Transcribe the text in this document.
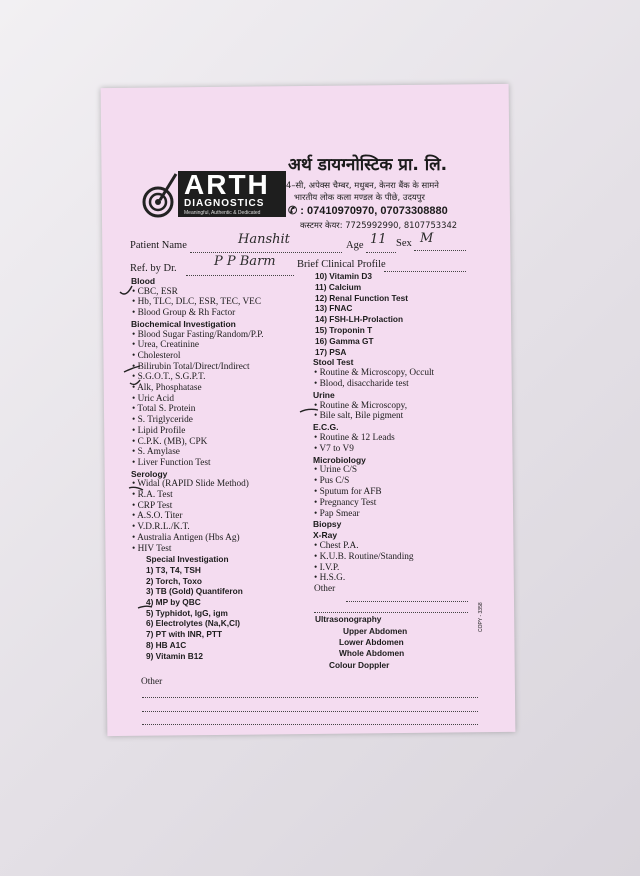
ARTH
DIAGNOSTICS
Meaningful, Authentic & Dedicated
अर्थ डायग्नोस्टिक प्रा. लि.
4–सी, अपेक्स चैम्बर, मधुबन, केनरा बैंक के सामने
भारतीय लोक कला मण्डल के पीछे, उदयपुर
✆ : 07410970970, 07073308880
कस्टमर केयर: 7725992990, 8107753342
Patient Name	Hanshit	Age 11 Sex M
Ref. by Dr.	P P Barm Brief Clinical Profile
Blood
• CBC, ESR
• Hb, TLC, DLC, ESR, TEC, VEC
• Blood Group & Rh Factor
Biochemical Investigation
• Blood Sugar Fasting/Random/P.P.
• Urea, Creatinine
• Cholesterol
• Bilirubin Total/Direct/Indirect
• S.G.O.T., S.G.P.T.
• Alk, Phosphatase
• Uric Acid
• Total S. Protein
• S. Triglyceride
• Lipid Profile
• C.P.K. (MB), CPK
• S. Amylase
• Liver Function Test
Serology
• Widal (RAPID Slide Method)
• R.A. Test
• CRP Test
• A.S.O. Titer
• V.D.R.L./K.T.
• Australia Antigen (Hbs Ag)
• HIV Test
Special Investigation
1) T3, T4, TSH
2) Torch, Toxo
3) TB (Gold) Quantiferon
4) MP by QBC
5) Typhidot, IgG, igm
6) Electrolytes (Na,K,Cl)
7) PT with INR, PTT
8) HB A1C
9) Vitamin B12
10) Vitamin D3
11) Calcium
12) Renal Function Test
13) FNAC
14) FSH-LH-Prolaction
15) Troponin T
16) Gamma GT
17) PSA
Stool Test
• Routine & Microscopy, Occult
• Blood, disaccharide test
Urine
• Routine & Microscopy,
• Bile salt, Bile pigment
E.C.G.
• Routine & 12 Leads
• V7 to V9
Microbiology
• Urine C/S
• Pus C/S
• Sputum for AFB
• Pregnancy Test
• Pap Smear
Biopsy
X-Ray
• Chest P.A.
• K.U.B. Routine/Standing
• I.V.P.
• H.S.G.
Other
Ultrasonography
Upper Abdomen
Lower Abdomen
Whole Abdomen
Colour Doppler
COPY - 3358
Other
